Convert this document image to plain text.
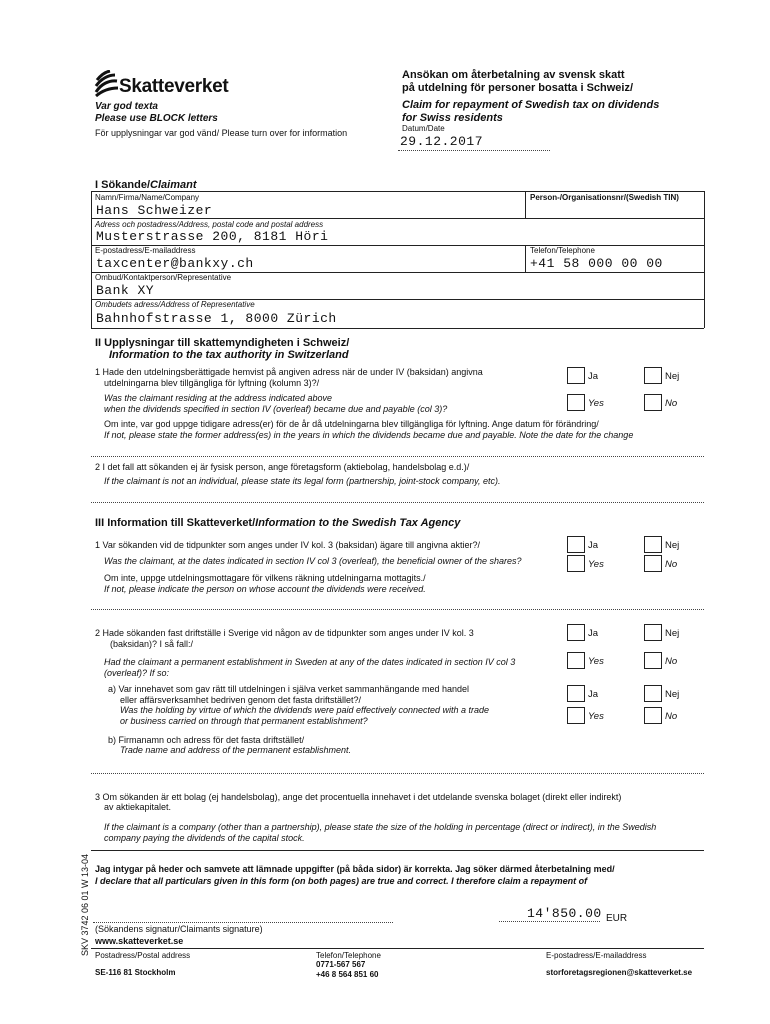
Skatteverket
Var god texta
Please use BLOCK letters
För upplysningar var god vänd/ Please turn over for information
Ansökan om återbetalning av svensk skatt
på utdelning för personer bosatta i Schweiz/
Claim for repayment of Swedish tax on dividends
for Swiss residents
Datum/Date
29.12.2017
I Sökande/Claimant
Namn/Firma/Name/Company
Hans Schweizer
Person-/Organisationsnr/(Swedish TIN)
Adress och postadress/Address, postal code and postal address
Musterstrasse 200, 8181 Höri
E-postadress/E-mailaddress
taxcenter@bankxy.ch
Telefon/Telephone
+41 58 000 00 00
Ombud/Kontaktperson/Representative
Bank XY
Ombudets adress/Address of Representative
Bahnhofstrasse 1, 8000 Zürich
II Upplysningar till skattemyndigheten i Schweiz/
Information to the tax authority in Switzerland
1 Hade den utdelningsberättigade hemvist på angiven adress när de under IV (baksidan) angivna
utdelningarna blev tillgängliga för lyftning (kolumn 3)?/
Was the claimant residing at the address indicated above
when the dividends specified in section IV (overleaf) became due and payable (col 3)?
Ja	Nej
Yes	No
Om inte, var god uppge tidigare adress(er) för de år då utdelningarna blev tillgängliga för lyftning. Ange datum för förändring/
If not, please state the former address(es) in the years in which the dividends became due and payable. Note the date for the change
2 I det fall att sökanden ej är fysisk person, ange företagsform (aktiebolag, handelsbolag e.d.)/
If the claimant is not an individual, please state its legal form (partnership, joint-stock company, etc).
III Information till Skatteverket/Information to the Swedish Tax Agency
1 Var sökanden vid de tidpunkter som anges under IV kol. 3 (baksidan) ägare till angivna aktier?/
Was the claimant, at the dates indicated in section IV col 3 (overleaf), the beneficial owner of the shares?
Ja	Nej
Yes	No
Om inte, uppge utdelningsmottagare för vilkens räkning utdelningarna mottagits./
If not, please indicate the person on whose account the dividends were received.
2 Hade sökanden fast driftställe i Sverige vid någon av de tidpunkter som anges under IV kol. 3
(baksidan)? I så fall:/
Had the claimant a permanent establishment in Sweden at any of the dates indicated in section IV col 3
(overleaf)? If so:
Ja	Nej
Yes	No
a) Var innehavet som gav rätt till utdelningen i själva verket sammanhängande med handel
eller affärsverksamhet bedriven genom det fasta driftstället?/
Was the holding by virtue of which the dividends were paid effectively connected with a trade
or business carried on through that permanent establishment?
Ja	Nej
Yes	No
b) Firmanamn och adress för det fasta driftstället/
Trade name and address of the permanent establishment.
3 Om sökanden är ett bolag (ej handelsbolag), ange det procentuella innehavet i det utdelande svenska bolaget (direkt eller indirekt)
av aktiekapitalet.
If the claimant is a company (other than a partnership), please state the size of the holding in percentage (direct or indirect), in the Swedish
company paying the dividends of the capital stock.
SKV 3742 06 01 W 13-04 Jag intygar på heder och samvete att lämnade uppgifter (på båda sidor) är korrekta. Jag söker därmed återbetalning med/
I declare that all particulars given in this form (on both pages) are true and correct. I therefore claim a repayment of
(Sökandens signatur/Claimants signature)
14'850.00 EUR
www.skatteverket.se
Postadress/Postal address
SE-116 81 Stockholm
Telefon/Telephone
0771-567 567
+46 8 564 851 60
E-postadress/E-mailaddress
storforetagsregionen@skatteverket.se
